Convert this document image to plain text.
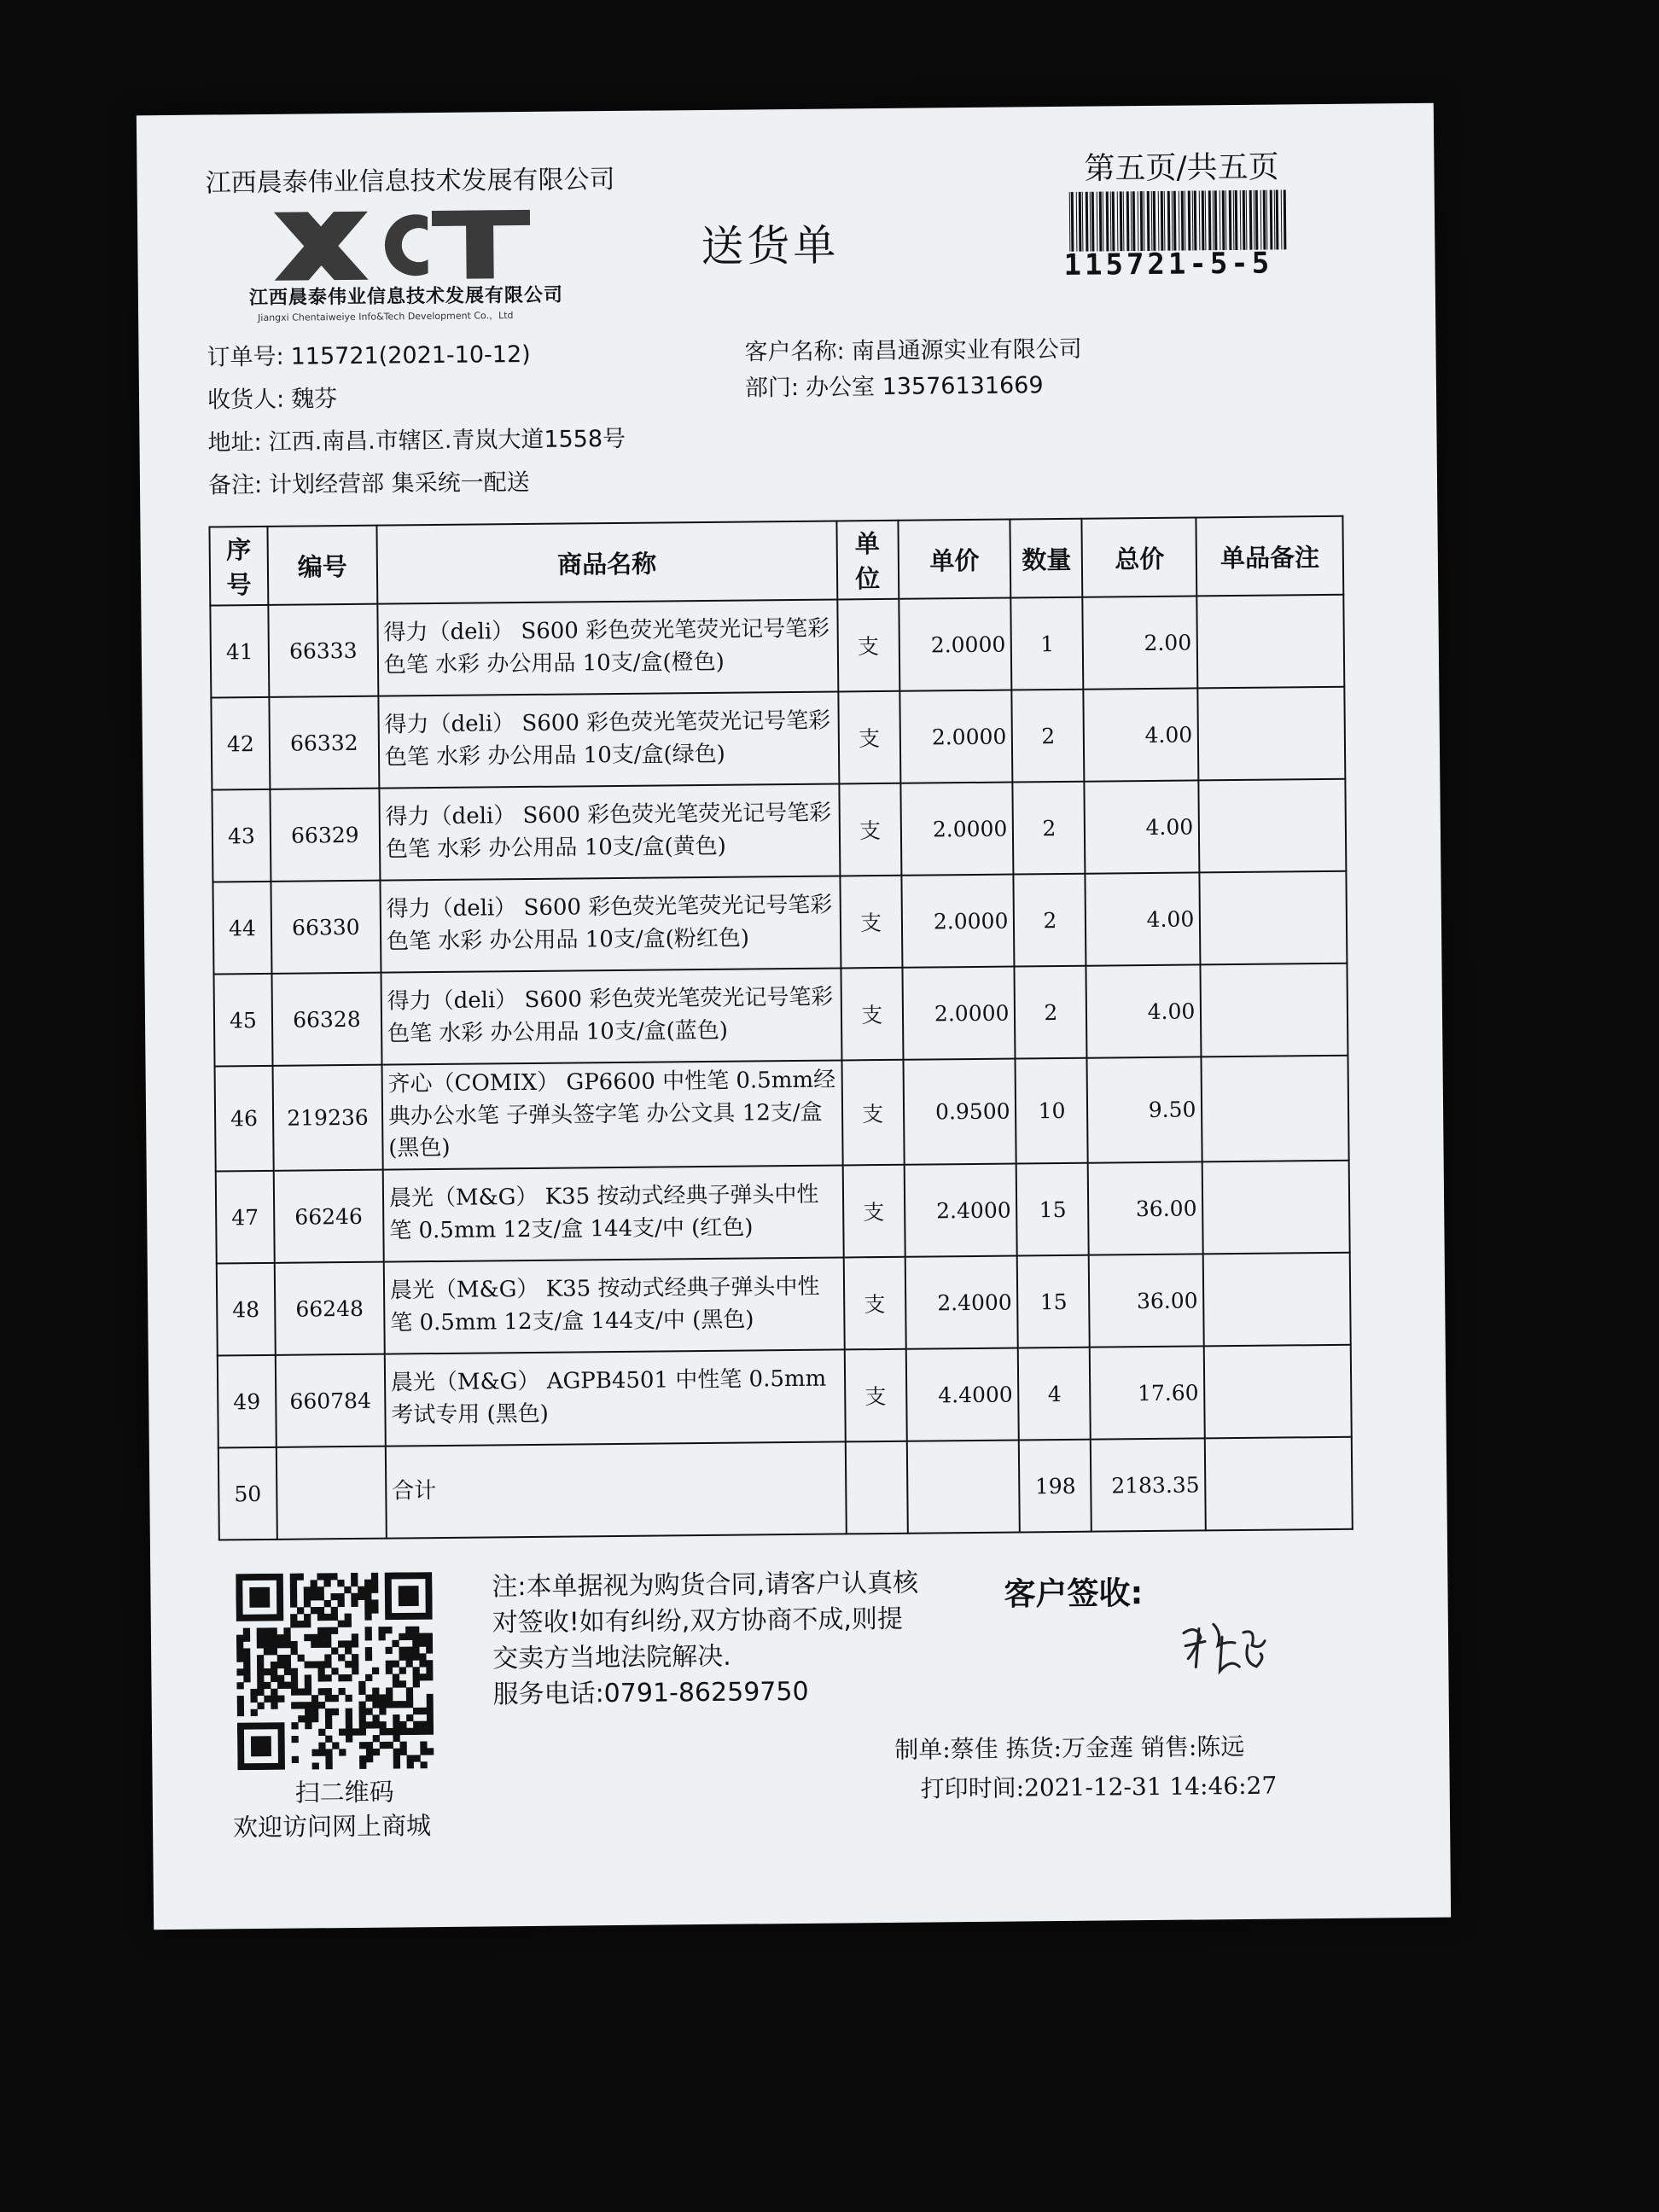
江西晨泰伟业信息技术发展有限公司
江西晨泰伟业信息技术发展有限公司
Jiangxi Chentaiweiye Info&Tech Development Co.，Ltd
送货单
第五页/共五页
115721-5-5
订单号: 115721(2021-10-12)
收货人: 魏芬
地址: 江西.南昌.市辖区.青岚大道1558号
备注: 计划经营部 集采统一配送
客户名称: 南昌通源实业有限公司
部门: 办公室 13576131669
序号	编号	商品名称	单位	单价	数量	总价	单品备注
41	66333	得力（deli） S600 彩色荧光笔荧光记号笔彩色笔 水彩 办公用品 10支/盒(橙色)	支	2.0000	1	2.00	
42	66332	得力（deli） S600 彩色荧光笔荧光记号笔彩色笔 水彩 办公用品 10支/盒(绿色)	支	2.0000	2	4.00	
43	66329	得力（deli） S600 彩色荧光笔荧光记号笔彩色笔 水彩 办公用品 10支/盒(黄色)	支	2.0000	2	4.00	
44	66330	得力（deli） S600 彩色荧光笔荧光记号笔彩色笔 水彩 办公用品 10支/盒(粉红色)	支	2.0000	2	4.00	
45	66328	得力（deli） S600 彩色荧光笔荧光记号笔彩色笔 水彩 办公用品 10支/盒(蓝色)	支	2.0000	2	4.00	
46	219236	齐心（COMIX） GP6600 中性笔 0.5mm经典办公水笔 子弹头签字笔 办公文具 12支/盒(黑色)	支	0.9500	10	9.50	
47	66246	晨光（M&G） K35 按动式经典子弹头中性笔 0.5mm 12支/盒 144支/中 (红色)	支	2.4000	15	36.00	
48	66248	晨光（M&G） K35 按动式经典子弹头中性笔 0.5mm 12支/盒 144支/中 (黑色)	支	2.4000	15	36.00	
49	660784	晨光（M&G） AGPB4501 中性笔 0.5mm 考试专用 (黑色)	支	4.4000	4	17.60	
50		合计			198	2183.35	
扫二维码
欢迎访问网上商城
注:本单据视为购货合同,请客户认真核
对签收!如有纠纷,双方协商不成,则提
交卖方当地法院解决.
服务电话:0791-86259750
客户签收:
制单:蔡佳 拣货:万金莲 销售:陈远
打印时间:2021-12-31 14:46:27
